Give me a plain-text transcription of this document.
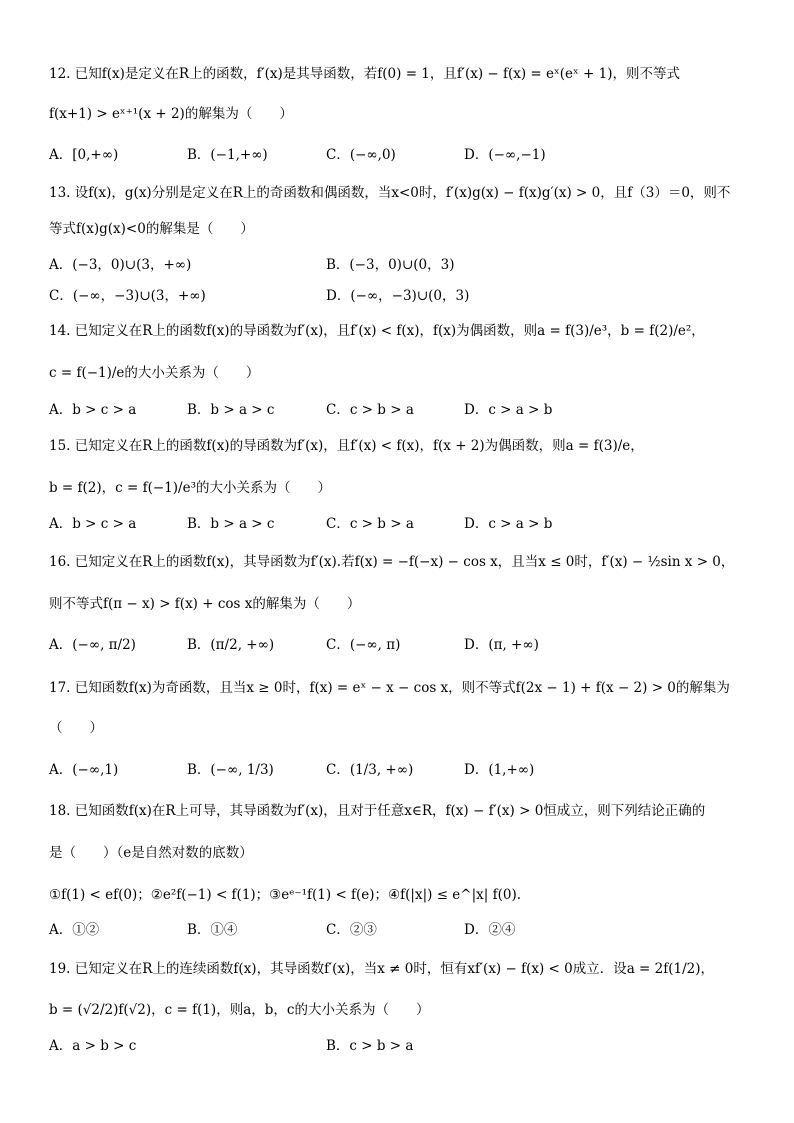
12. 已知f(x)是定义在R上的函数，f′(x)是其导函数，若f(0) = 1，且f′(x) − f(x) = eˣ(eˣ + 1)，则不等式
f(x+1) > eˣ⁺¹(x + 2)的解集为（　　）
A．[0,+∞)	B．(−1,+∞)	C．(−∞,0)	D．(−∞,−1)
13. 设f(x)，g(x)分别是定义在R上的奇函数和偶函数，当x<0时，f′(x)g(x) − f(x)g′(x) > 0，且f（3）＝0，则不
等式f(x)g(x)<0的解集是（　　）
A．(−3，0)∪(3，+∞)	B．(−3，0)∪(0，3)
C．(−∞，−3)∪(3，+∞)	D．(−∞，−3)∪(0，3)
14. 已知定义在R上的函数f(x)的导函数为f′(x)，且f′(x) < f(x)，f(x)为偶函数，则a = f(3)/e³，b = f(2)/e²，
c = f(−1)/e的大小关系为（　　）
A．b > c > a	B．b > a > c	C．c > b > a	D．c > a > b
15. 已知定义在R上的函数f(x)的导函数为f′(x)，且f′(x) < f(x)，f(x + 2)为偶函数，则a = f(3)/e，
b = f(2)，c = f(−1)/e³的大小关系为（　　）
A．b > c > a	B．b > a > c	C．c > b > a	D．c > a > b
16. 已知定义在R上的函数f(x)，其导函数为f′(x).若f(x) = −f(−x) − cos x，且当x ≤ 0时，f′(x) − ½sin x > 0，
则不等式f(π − x) > f(x) + cos x的解集为（　　）
A．(−∞, π/2)	B．(π/2, +∞)	C．(−∞, π)	D．(π, +∞)
17. 已知函数f(x)为奇函数，且当x ≥ 0时，f(x) = eˣ − x − cos x，则不等式f(2x − 1) + f(x − 2) > 0的解集为
（　　）
A．(−∞,1)	B．(−∞, 1/3)	C．(1/3, +∞)	D．(1,+∞)
18. 已知函数f(x)在R上可导，其导函数为f′(x)，且对于任意x∈R，f(x) − f′(x) > 0恒成立，则下列结论正确的
是（　　）（e是自然对数的底数）
①f(1) < ef(0)；②e²f(−1) < f(1)；③eᵉ⁻¹f(1) < f(e)；④f(|x|) ≤ e^|x| f(0).
A．①②	B．①④	C．②③	D．②④
19. 已知定义在R上的连续函数f(x)，其导函数f′(x)，当x ≠ 0时，恒有xf′(x) − f(x) < 0成立．设a = 2f(1/2)，
b = (√2/2)f(√2)，c = f(1)，则a，b，c的大小关系为（　　）
A．a > b > c	B．c > b > a
